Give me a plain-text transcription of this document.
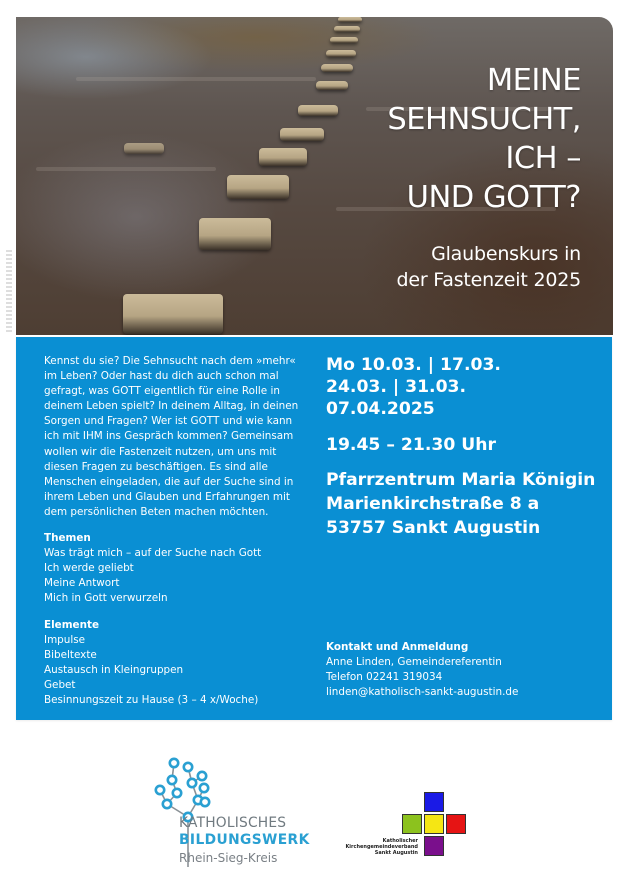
MEINE
SEHNSUCHT,
ICH –
UND GOTT?
Glaubenskurs in
der Fastenzeit 2025

Kennst du sie? Die Sehnsucht nach dem »mehr« im Leben? Oder hast du dich auch schon mal gefragt, was GOTT eigentlich für eine Rolle in deinem Leben spielt? In deinem Alltag, in deinen Sorgen und Fragen? Wer ist GOTT und wie kann ich mit IHM ins Gespräch kommen? Gemeinsam wollen wir die Fastenzeit nutzen, um uns mit diesen Fragen zu beschäftigen. Es sind alle Menschen eingeladen, die auf der Suche sind in ihrem Leben und Glauben und Erfahrungen mit dem persönlichen Beten machen möchten.

Themen
Was trägt mich – auf der Suche nach Gott
Ich werde geliebt
Meine Antwort
Mich in Gott verwurzeln
Elemente
Impulse
Bibeltexte
Austausch in Kleingruppen
Gebet
Besinnungszeit zu Hause (3 – 4 x/Woche)
Mo 10.03. | 17.03.
24.03. | 31.03.
07.04.2025
19.45 – 21.30 Uhr
Pfarrzentrum Maria Königin
Marienkirchstraße 8 a
53757 Sankt Augustin
Kontakt und Anmeldung
Anne Linden, Gemeindereferentin
Telefon 02241 319034
linden@katholisch-sankt-augustin.de
KATHOLISCHES
BILDUNGSWERK
Rhein-Sieg-Kreis
Katholischer
Kirchengemeindeverband
Sankt Augustin
